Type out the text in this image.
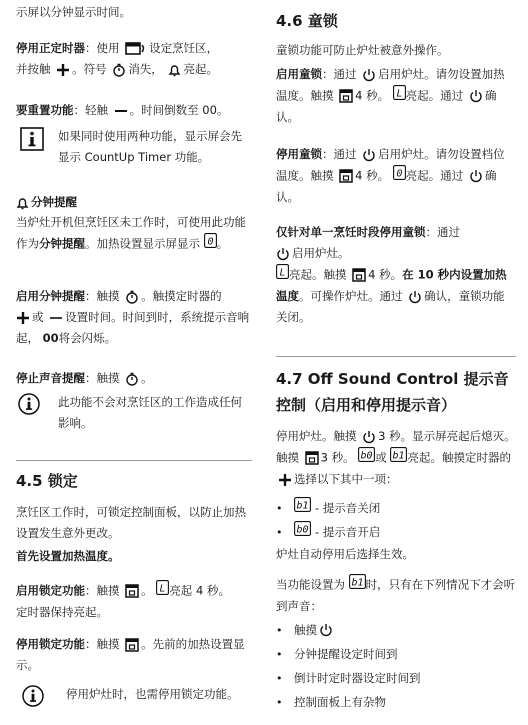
示屏以分钟显示时间。

停用正定时器：使用	设定烹饪区，
并按触 。符号 消失， 亮起。
要重置功能：轻触 。时间倒数至 00。
如果同时使用两种功能，显示屏会先显示 CountUp Timer 功能。
分钟提醒
当炉灶开机但烹饪区未工作时，可使用此功能作为分钟提醒。加热设置显示屏显示 0 。
启用分钟提醒：触摸 。触摸定时器的

或 设置时间。时间到时，系统提示音响起， 00将会闪烁。
停止声音提醒：触摸 。
此功能不会对烹饪区的工作造成任何影响。

4.5 锁定

烹饪区工作时，可锁定控制面板，以防止加热设置发生意外更改。

首先设置加热温度。

启用锁定功能：触摸 。 L 亮起 4 秒。
定时器保持亮起。
停用锁定功能：触摸 。先前的加热设置显示。
停用炉灶时，也需停用锁定功能。

4.6 童锁

童锁功能可防止炉灶被意外操作。

启用童锁：通过 启用炉灶。请勿设置加热温度。触摸 4 秒。 L 亮起。通过 确认。
停用童锁：通过 启用炉灶。请勿设置档位温度。触摸 4 秒。 0 亮起。通过 确认。
仅针对单一烹饪时段停用童锁：通过

启用炉灶。

L 亮起。触摸 4 秒。在 10 秒内设置加热温度。可操作炉灶。通过 确认，童锁功能关闭。

4.7 Off Sound Control 提示音控制（启用和停用提示音）

停用炉灶。触摸 3 秒。显示屏亮起后熄灭。触摸 3 秒。 b0 或 b1 亮起。触摸定时器的
选择以下其中一项：
•	b1 - 提示音关闭
•	b0 - 提示音开启

炉灶自动停用后选择生效。

当功能设置为 b1 时，只有在下列情况下才会听到声音：
•	触摸
•	分钟提醒设定时间到
•	倒计时定时器设定时间到
•	控制面板上有杂物
